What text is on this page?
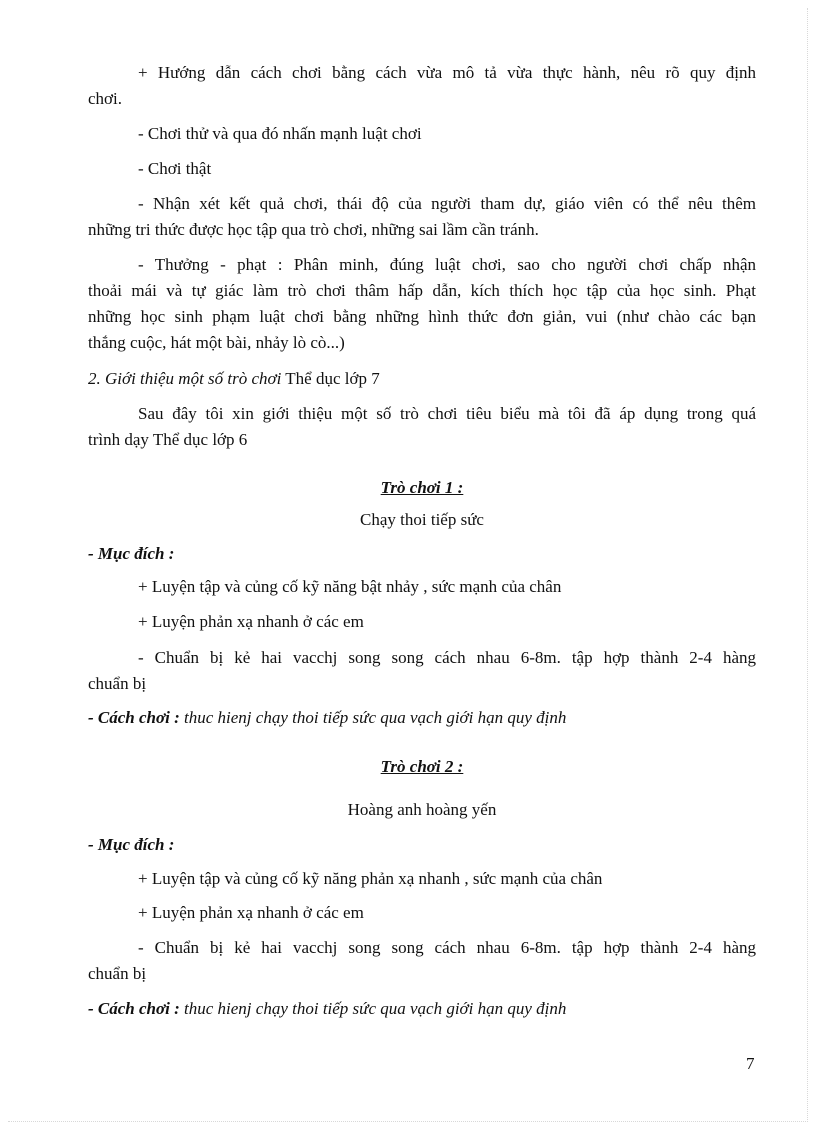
+ Hướng dẫn cách chơi bằng cách vừa mô tả vừa thực hành, nêu rõ quy định

chơi.

- Chơi thử và qua đó nhấn mạnh luật chơi

- Chơi thật

- Nhận xét kết quả chơi, thái độ của người tham dự, giáo viên có thể nêu thêm

những tri thức được học tập qua trò chơi, những sai lầm cần tránh.

- Thưởng - phạt : Phân minh, đúng luật chơi, sao cho người chơi chấp nhận

thoải mái và tự giác làm trò chơi thâm hấp dẫn, kích thích học tập của học sinh. Phạt

những học sinh phạm luật chơi bằng những hình thức đơn giản, vui (như chào các bạn

thắng cuộc, hát một bài, nhảy lò cò...)

2. Giới thiệu một số trò chơi Thể dục lớp 7

Sau đây tôi xin giới thiệu một số trò chơi tiêu biểu mà tôi đã áp dụng trong quá

trình dạy Thể dục lớp 6

Trò chơi 1 :

Chạy thoi tiếp sức

- Mục đích :

+ Luyện tập và củng cố kỹ năng bật nhảy , sức mạnh của chân

+ Luyện phản xạ nhanh ở các em

- Chuẩn bị kẻ hai vacchj song song cách nhau 6-8m. tập hợp thành 2-4 hàng

chuẩn bị

- Cách chơi : thuc hienj chạy thoi tiếp sức qua vạch giới hạn quy định

Trò chơi 2 :

Hoàng anh hoàng yến

- Mục đích :

+ Luyện tập và củng cố kỹ năng phản xạ nhanh , sức mạnh của chân

+ Luyện phản xạ nhanh ở các em

- Chuẩn bị kẻ hai vacchj song song cách nhau 6-8m. tập hợp thành 2-4 hàng

chuẩn bị

- Cách chơi : thuc hienj chạy thoi tiếp sức qua vạch giới hạn quy định

7
